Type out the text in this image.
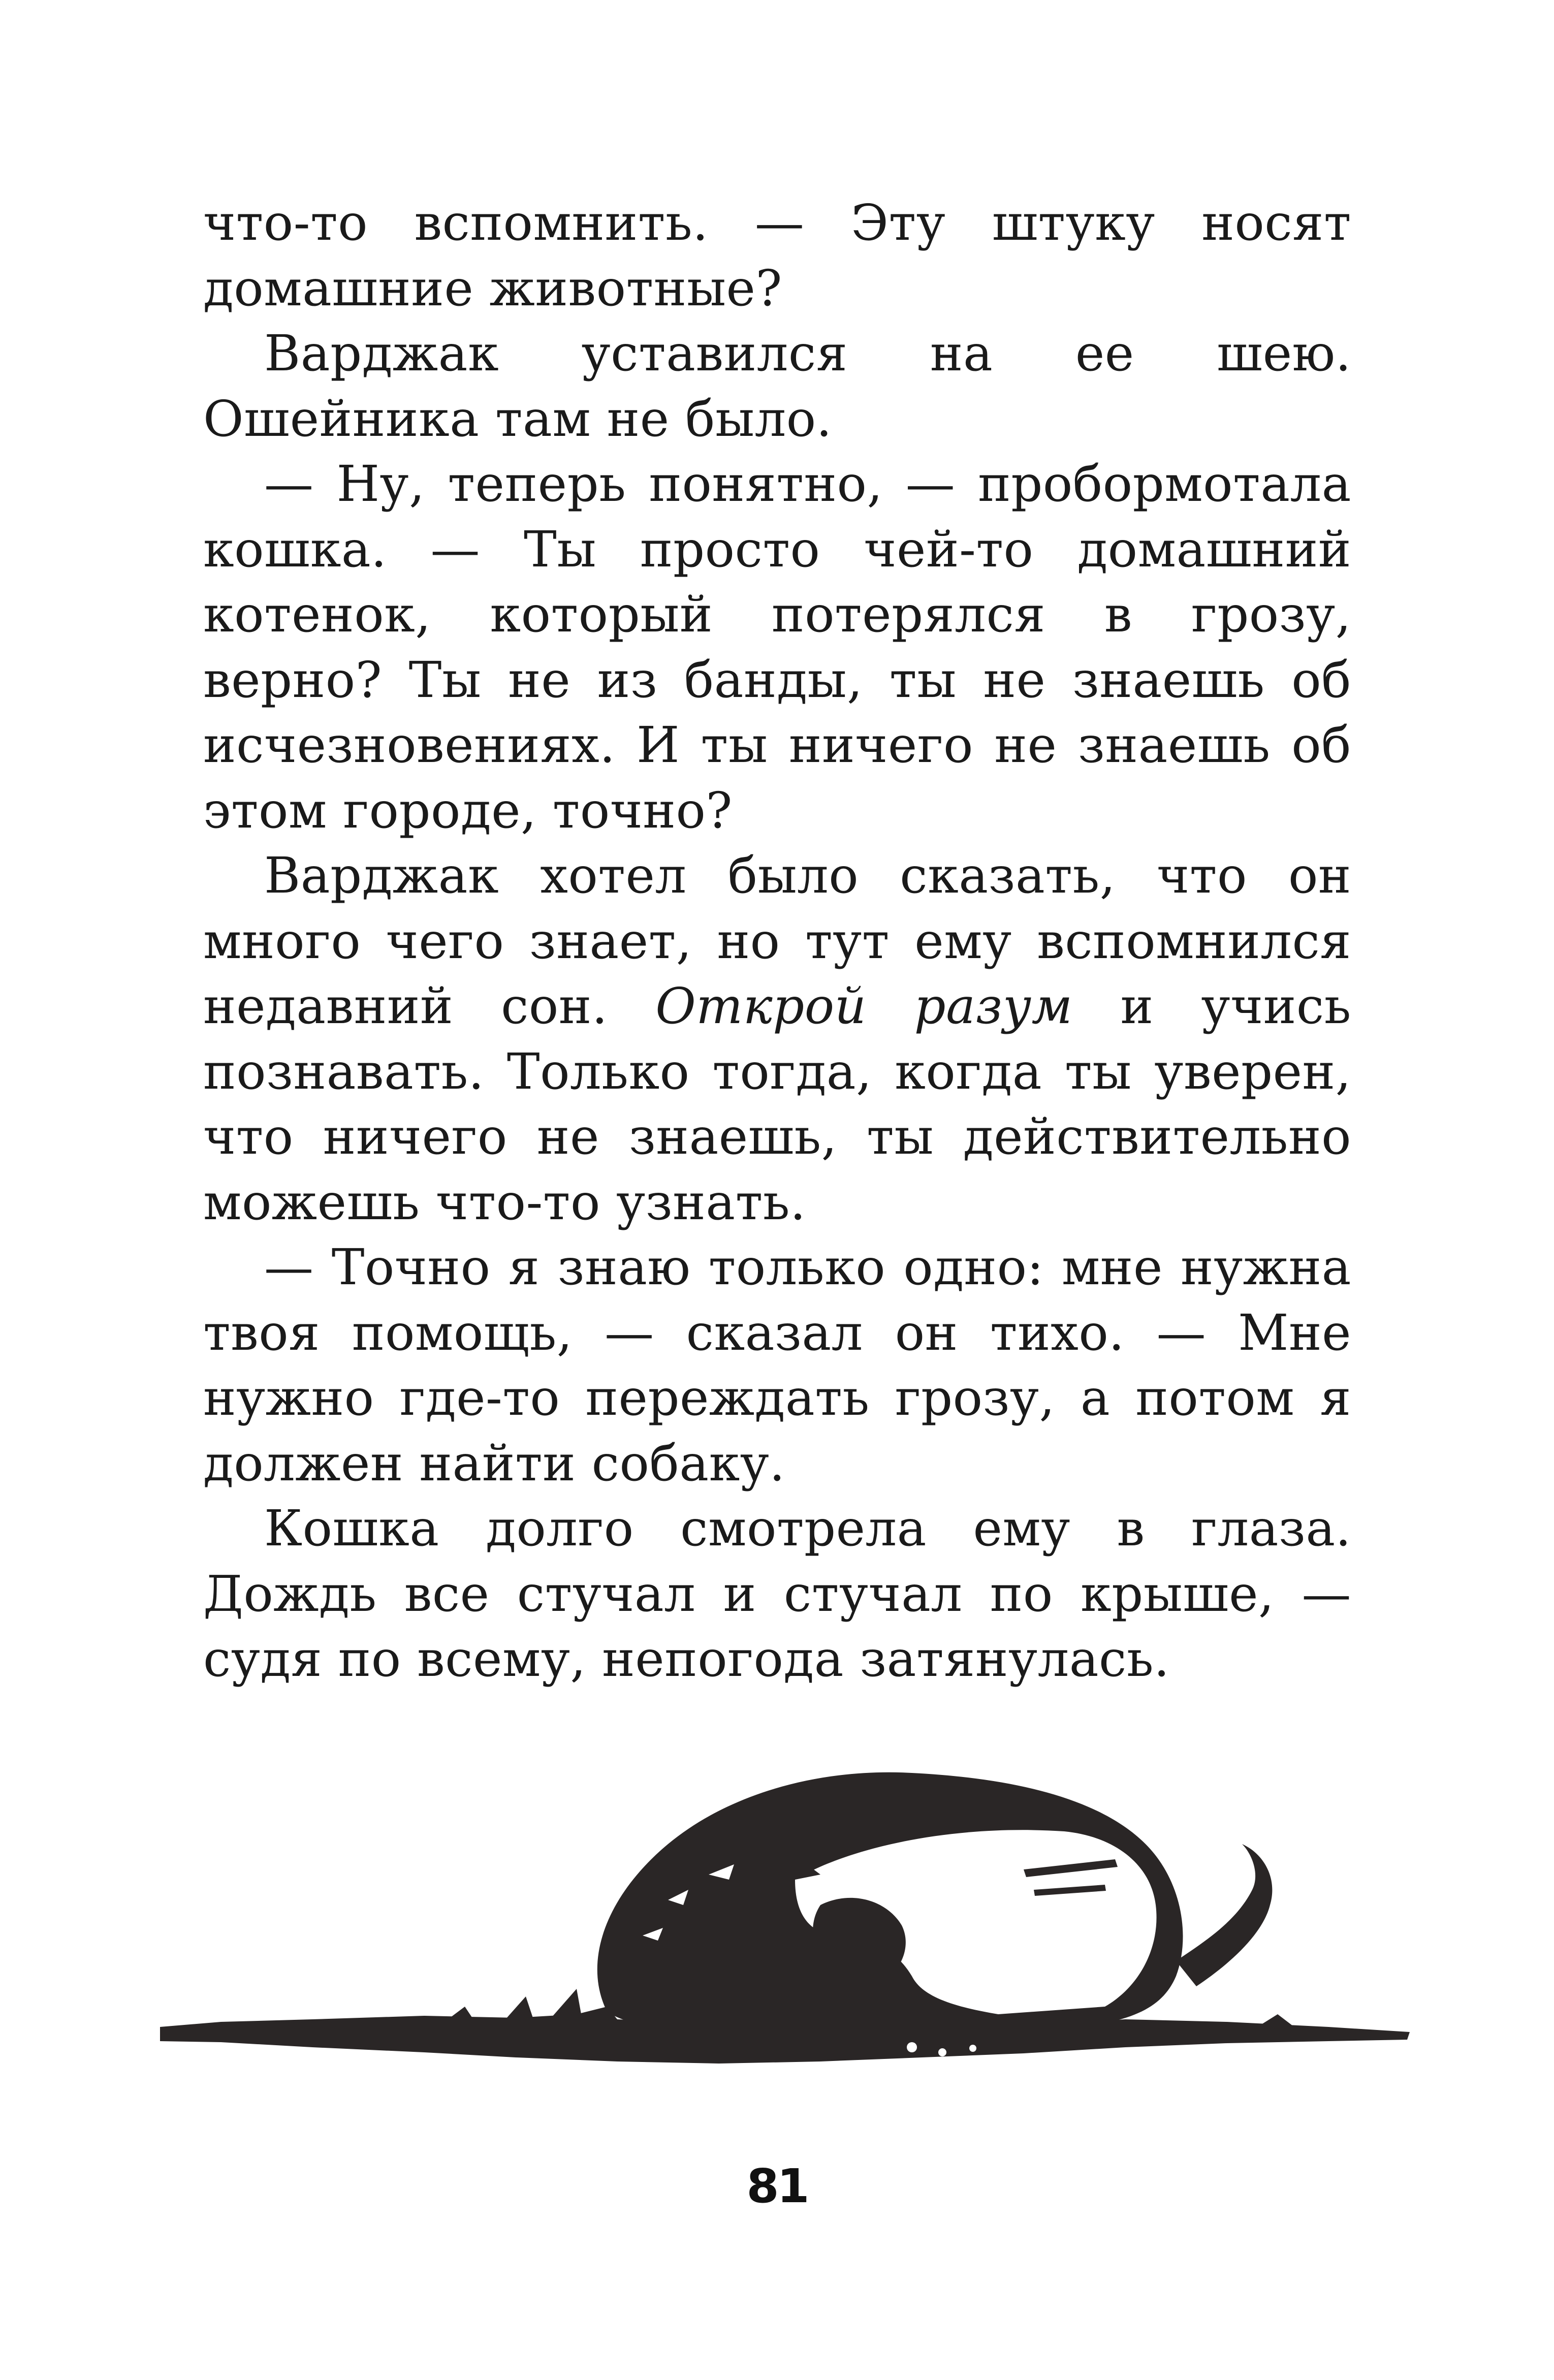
что-то вспомнить. — Эту штуку носят домашние животные?

Варджак уставился на ее шею. Ошейника там не было.

— Ну, теперь понятно, — пробормотала кошка. — Ты просто чей-то домашний котенок, который потерялся в грозу, верно? Ты не из банды, ты не знаешь об исчезновениях. И ты ничего не знаешь об этом городе, точно?

Варджак хотел было сказать, что он много чего знает, но тут ему вспомнился недавний сон. Открой разум и учись познавать. Только тогда, когда ты уверен, что ничего не знаешь, ты действительно можешь что-то узнать.

— Точно я знаю только одно: мне нужна твоя помощь, — сказал он тихо. — Мне нужно где-то переждать грозу, а потом я должен найти собаку.

Кошка долго смотрела ему в глаза. Дождь все стучал и стучал по крыше, — судя по всему, непогода затянулась.

81
